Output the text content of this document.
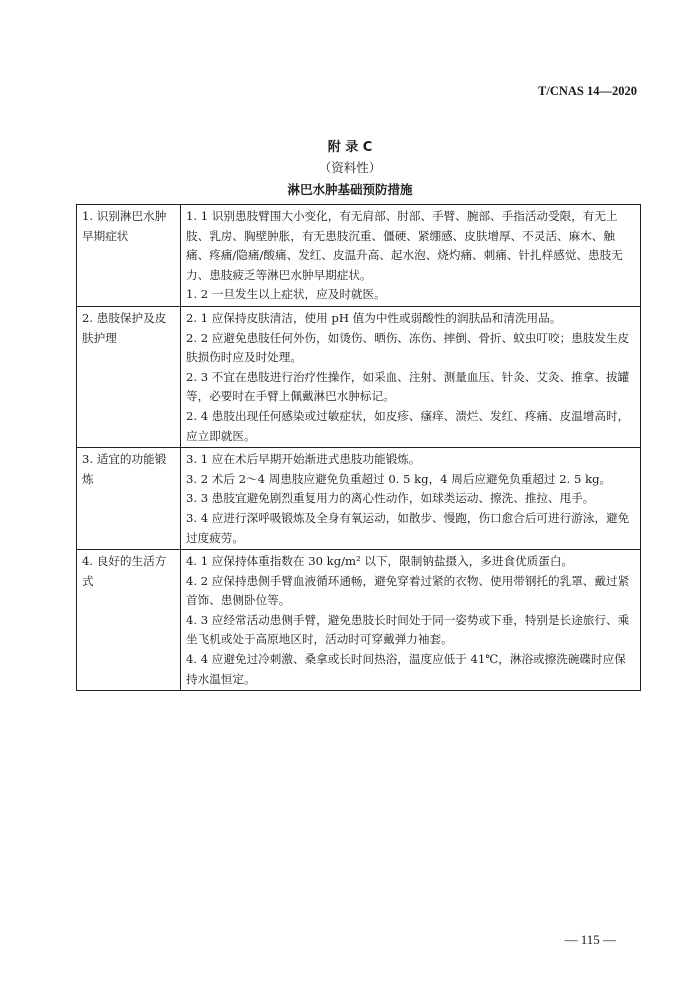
T/CNAS 14—2020
附 录 C
（资料性）
淋巴水肿基础预防措施
1. 识别淋巴水肿早期症状	1. 1 识别患肢臂围大小变化，有无肩部、肘部、手臂、腕部、手指活动受限，有无上肢、乳房、胸壁肿胀，有无患肢沉重、僵硬、紧绷感、皮肤增厚、不灵活、麻木、触痛、疼痛/隐痛/酸痛、发红、皮温升高、起水泡、烧灼痛、刺痛、针扎样感觉、患肢无力、患肢疲乏等淋巴水肿早期症状。
1. 2 一旦发生以上症状，应及时就医。

2. 患肢保护及皮肤护理	2. 1 应保持皮肤清洁，使用 pH 值为中性或弱酸性的润肤品和清洗用品。
2. 2 应避免患肢任何外伤，如烫伤、晒伤、冻伤、摔倒、骨折、蚊虫叮咬；患肢发生皮肤损伤时应及时处理。
2. 3 不宜在患肢进行治疗性操作，如采血、注射、测量血压、针灸、艾灸、推拿、拔罐等，必要时在手臂上佩戴淋巴水肿标记。
2. 4 患肢出现任何感染或过敏症状，如皮疹、瘙痒、溃烂、发红、疼痛、皮温增高时，应立即就医。

3. 适宜的功能锻炼	3. 1 应在术后早期开始渐进式患肢功能锻炼。
3. 2 术后 2～4 周患肢应避免负重超过 0. 5 kg，4 周后应避免负重超过 2. 5 kg。
3. 3 患肢宜避免剧烈重复用力的离心性动作，如球类运动、擦洗、推拉、甩手。
3. 4 应进行深呼吸锻炼及全身有氧运动，如散步、慢跑，伤口愈合后可进行游泳，避免过度疲劳。

4. 良好的生活方式	4. 1 应保持体重指数在 30 kg/m² 以下，限制钠盐摄入，多进食优质蛋白。
4. 2 应保持患侧手臂血液循环通畅，避免穿着过紧的衣物、使用带钢托的乳罩、戴过紧首饰、患侧卧位等。
4. 3 应经常活动患侧手臂，避免患肢长时间处于同一姿势或下垂，特别是长途旅行、乘坐飞机或处于高原地区时，活动时可穿戴弹力袖套。
4. 4 应避免过冷刺激、桑拿或长时间热浴，温度应低于 41℃，淋浴或擦洗碗碟时应保持水温恒定。
— 115 —
